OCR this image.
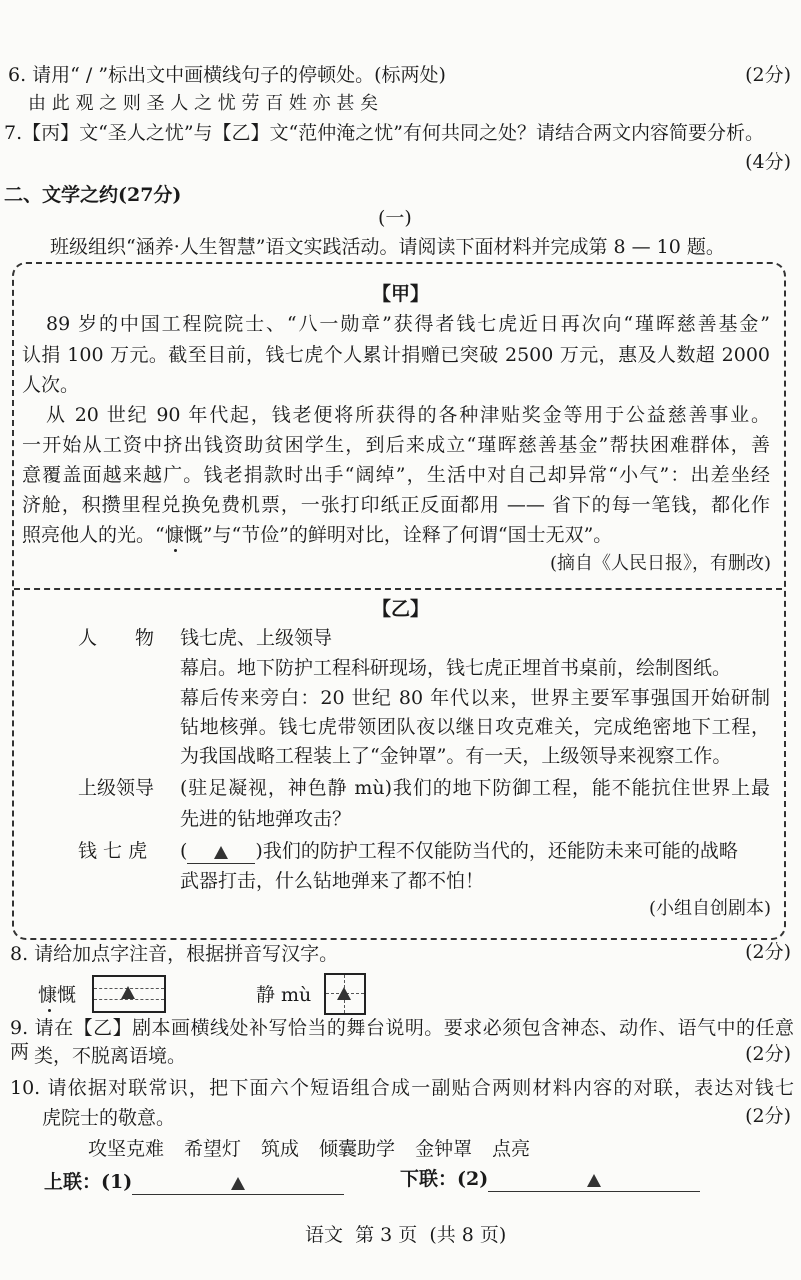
6. 请用“ / ”标出文中画横线句子的停顿处。(标两处)	(2分)
由 此 观 之 则 圣 人 之 忧 劳 百 姓 亦 甚 矣
7.【丙】文“圣人之忧”与【乙】文“范仲淹之忧”有何共同之处？请结合两文内容简要分析。
(4分)
二、文学之约(27分)
(一)
班级组织“涵养·人生智慧”语文实践活动。请阅读下面材料并完成第 8 — 10 题。
【甲】
89 岁的中国工程院院士、“八一勋章”获得者钱七虎近日再次向“瑾晖慈善基金”
认捐 100 万元。截至目前，钱七虎个人累计捐赠已突破 2500 万元，惠及人数超 2000
人次。
从 20 世纪 90 年代起，钱老便将所获得的各种津贴奖金等用于公益慈善事业。
一开始从工资中挤出钱资助贫困学生，到后来成立“瑾晖慈善基金”帮扶困难群体，善
意覆盖面越来越广。钱老捐款时出手“阔绰”，生活中对自己却异常“小气”：出差坐经
济舱，积攒里程兑换免费机票，一张打印纸正反面都用 —— 省下的每一笔钱，都化作
照亮他人的光。“慷慨”与“节俭”的鲜明对比，诠释了何谓“国士无双”。
(摘自《人民日报》，有删改)
【乙】
人　　物 钱七虎、上级领导
幕启。地下防护工程科研现场，钱七虎正埋首书桌前，绘制图纸。
幕后传来旁白：20 世纪 80 年代以来，世界主要军事强国开始研制
钻地核弹。钱七虎带领团队夜以继日攻克难关，完成绝密地下工程，
为我国战略工程装上了“金钟罩”。有一天，上级领导来视察工作。
上级领导 (驻足凝视，神色静 mù)我们的地下防御工程，能不能抗住世界上最
先进的钻地弹攻击？
钱 七 虎 (	)我们的防护工程不仅能防当代的，还能防未来可能的战略
武器打击，什么钻地弹来了都不怕！
(小组自创剧本)
8. 请给加点字注音，根据拼音写汉字。	(2分)
慷慨	静 mù
9. 请在【乙】剧本画横线处补写恰当的舞台说明。要求必须包含神态、动作、语气中的任意两 类，不脱离语境。	(2分)
10. 请依据对联常识，把下面六个短语组合成一副贴合两则材料内容的对联，表达对钱七
虎院士的敬意。	(2分)
攻坚克难 希望灯 筑成 倾囊助学 金钟罩 点亮
上联：(1)	下联：(2)
语文  第 3 页  (共 8 页)
